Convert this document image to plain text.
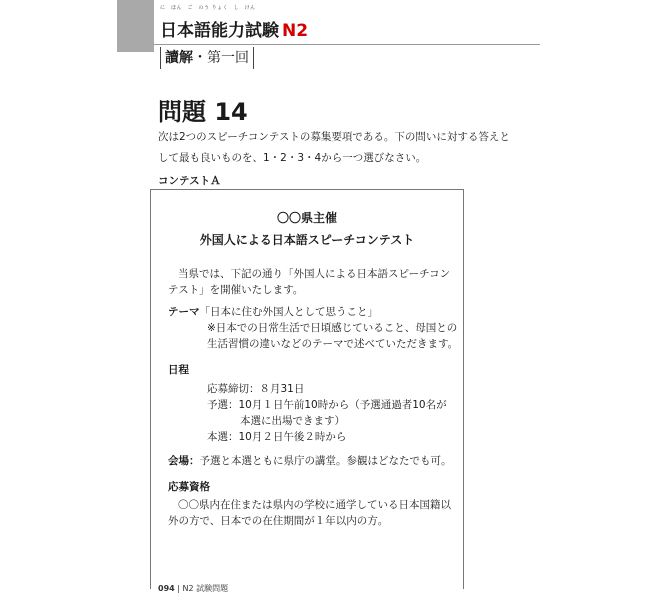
に　ほん　ご　のう りょく　し　けん
日本語能力試験 N2
讀解・第一回
問題 14
次は2つのスピーチコンテストの募集要項である。下の問いに対する答えと
して最も良いものを、1・2・3・4から一つ選びなさい。
コンテストＡ
〇〇県主催
外国人による日本語スピーチコンテスト
当県では、下記の通り「外国人による日本語スピーチコン
テスト」を開催いたします。
テーマ「日本に住む外国人として思うこと」
※日本での日常生活で日頃感じていること、母国との
生活習慣の違いなどのテーマで述べていただきます。
日程
応募締切：８月31日
予選：10月１日午前10時から（予選通過者10名が
本選に出場できます）
本選：10月２日午後２時から
会場：予選と本選ともに県庁の講堂。参観はどなたでも可。
応募資格
〇〇県内在住または県内の学校に通学している日本国籍以
外の方で、日本での在住期間が１年以内の方。
094 | N2 試験問題
